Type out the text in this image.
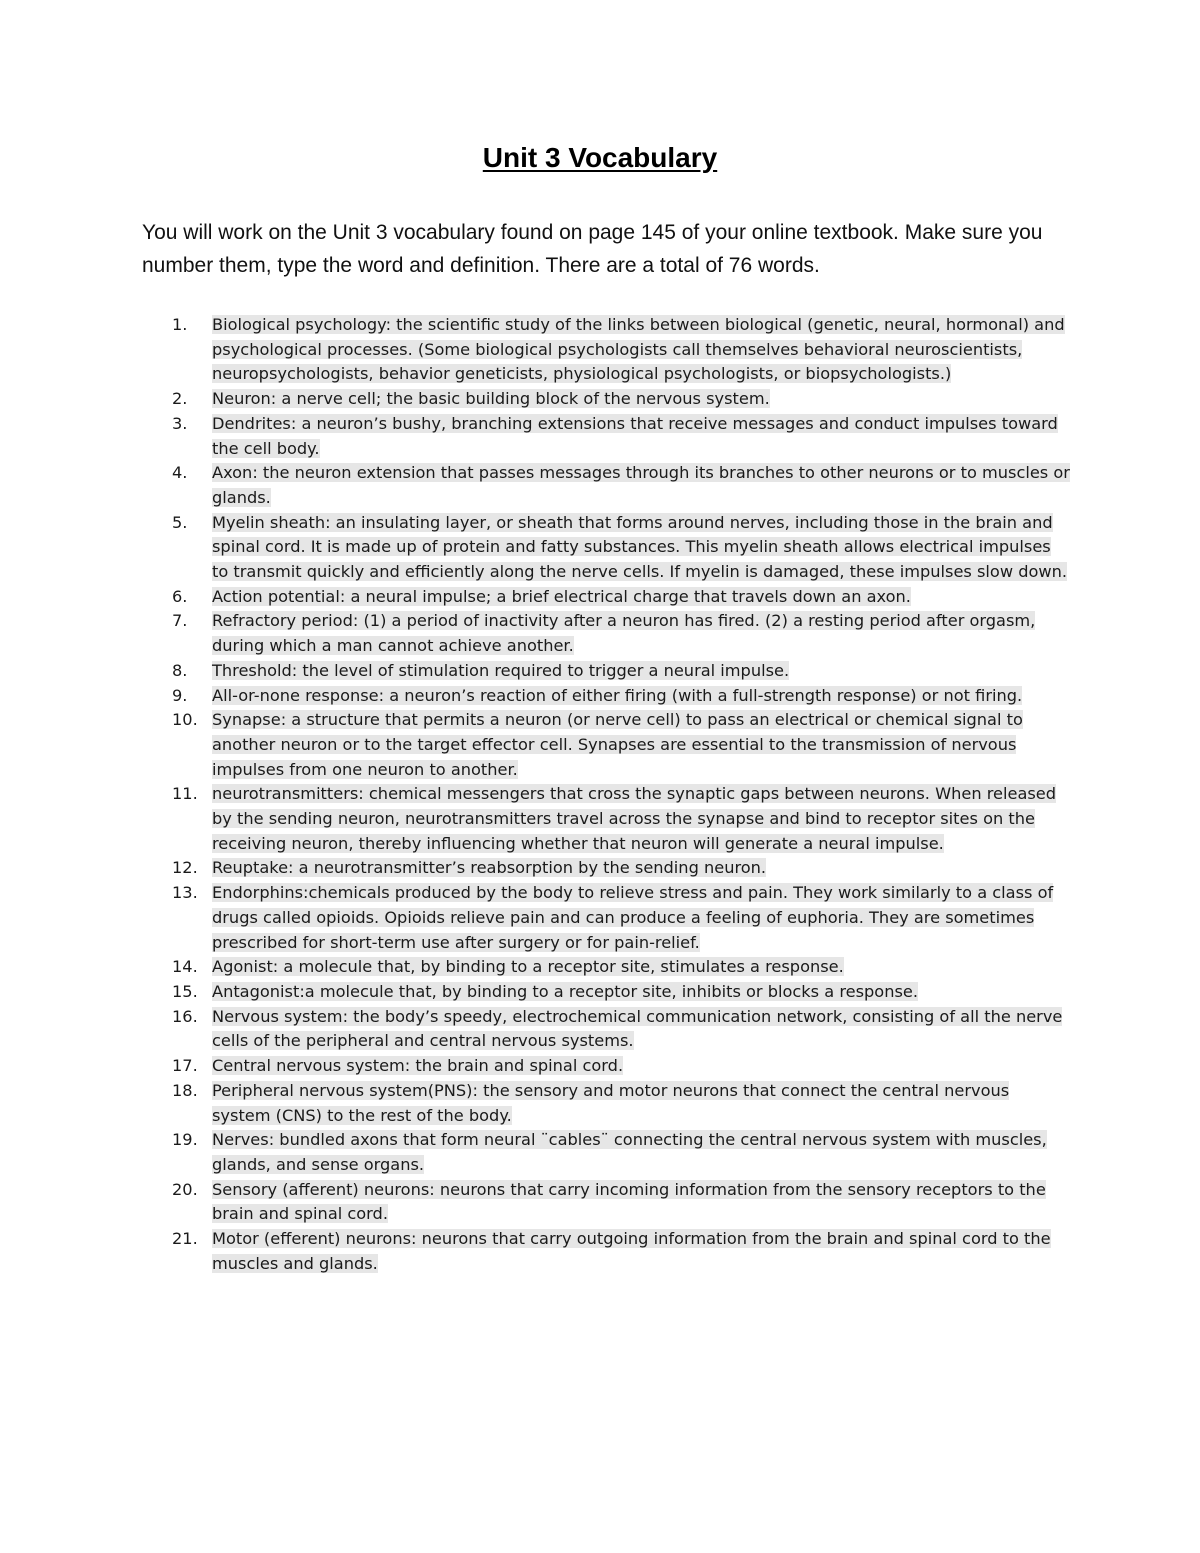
Unit 3 Vocabulary

You will work on the Unit 3 vocabulary found on page 145 of your online textbook. Make sure you number them, type the word and definition. There are a total of 76 words.

1.	Biological psychology: the scientific study of the links between biological (genetic, neural, hormonal) and psychological processes. (Some biological psychologists call themselves behavioral neuroscientists, neuropsychologists, behavior geneticists, physiological psychologists, or biopsychologists.)
2.	Neuron: a nerve cell; the basic building block of the nervous system.
3.	Dendrites: a neuron’s bushy, branching extensions that receive messages and conduct impulses toward the cell body.
4.	Axon: the neuron extension that passes messages through its branches to other neurons or to muscles or glands.
5.	Myelin sheath: an insulating layer, or sheath that forms around nerves, including those in the brain and spinal cord. It is made up of protein and fatty substances. This myelin sheath allows electrical impulses to transmit quickly and efficiently along the nerve cells. If myelin is damaged, these impulses slow down.
6.	Action potential: a neural impulse; a brief electrical charge that travels down an axon.
7.	Refractory period: (1) a period of inactivity after a neuron has fired. (2) a resting period after orgasm, during which a man cannot achieve another.
8.	Threshold: the level of stimulation required to trigger a neural impulse.
9.	All-or-none response: a neuron’s reaction of either firing (with a full-strength response) or not firing.
10. Synapse: a structure that permits a neuron (or nerve cell) to pass an electrical or chemical signal to another neuron or to the target effector cell. Synapses are essential to the transmission of nervous impulses from one neuron to another.
11. neurotransmitters: chemical messengers that cross the synaptic gaps between neurons. When released by the sending neuron, neurotransmitters travel across the synapse and bind to receptor sites on the receiving neuron, thereby influencing whether that neuron will generate a neural impulse.
12. Reuptake: a neurotransmitter’s reabsorption by the sending neuron.
13. Endorphins:chemicals produced by the body to relieve stress and pain. They work similarly to a class of drugs called opioids. Opioids relieve pain and can produce a feeling of euphoria. They are sometimes prescribed for short-term use after surgery or for pain-relief.
14. Agonist: a molecule that, by binding to a receptor site, stimulates a response.
15. Antagonist:a molecule that, by binding to a receptor site, inhibits or blocks a response.
16. Nervous system: the body’s speedy, electrochemical communication network, consisting of all the nerve cells of the peripheral and central nervous systems.
17. Central nervous system: the brain and spinal cord.
18. Peripheral nervous system(PNS): the sensory and motor neurons that connect the central nervous system (CNS) to the rest of the body.
19. Nerves: bundled axons that form neural ¨cables¨ connecting the central nervous system with muscles, glands, and sense organs.
20. Sensory (afferent) neurons: neurons that carry incoming information from the sensory receptors to the brain and spinal cord.
21. Motor (efferent) neurons: neurons that carry outgoing information from the brain and spinal cord to the muscles and glands.
